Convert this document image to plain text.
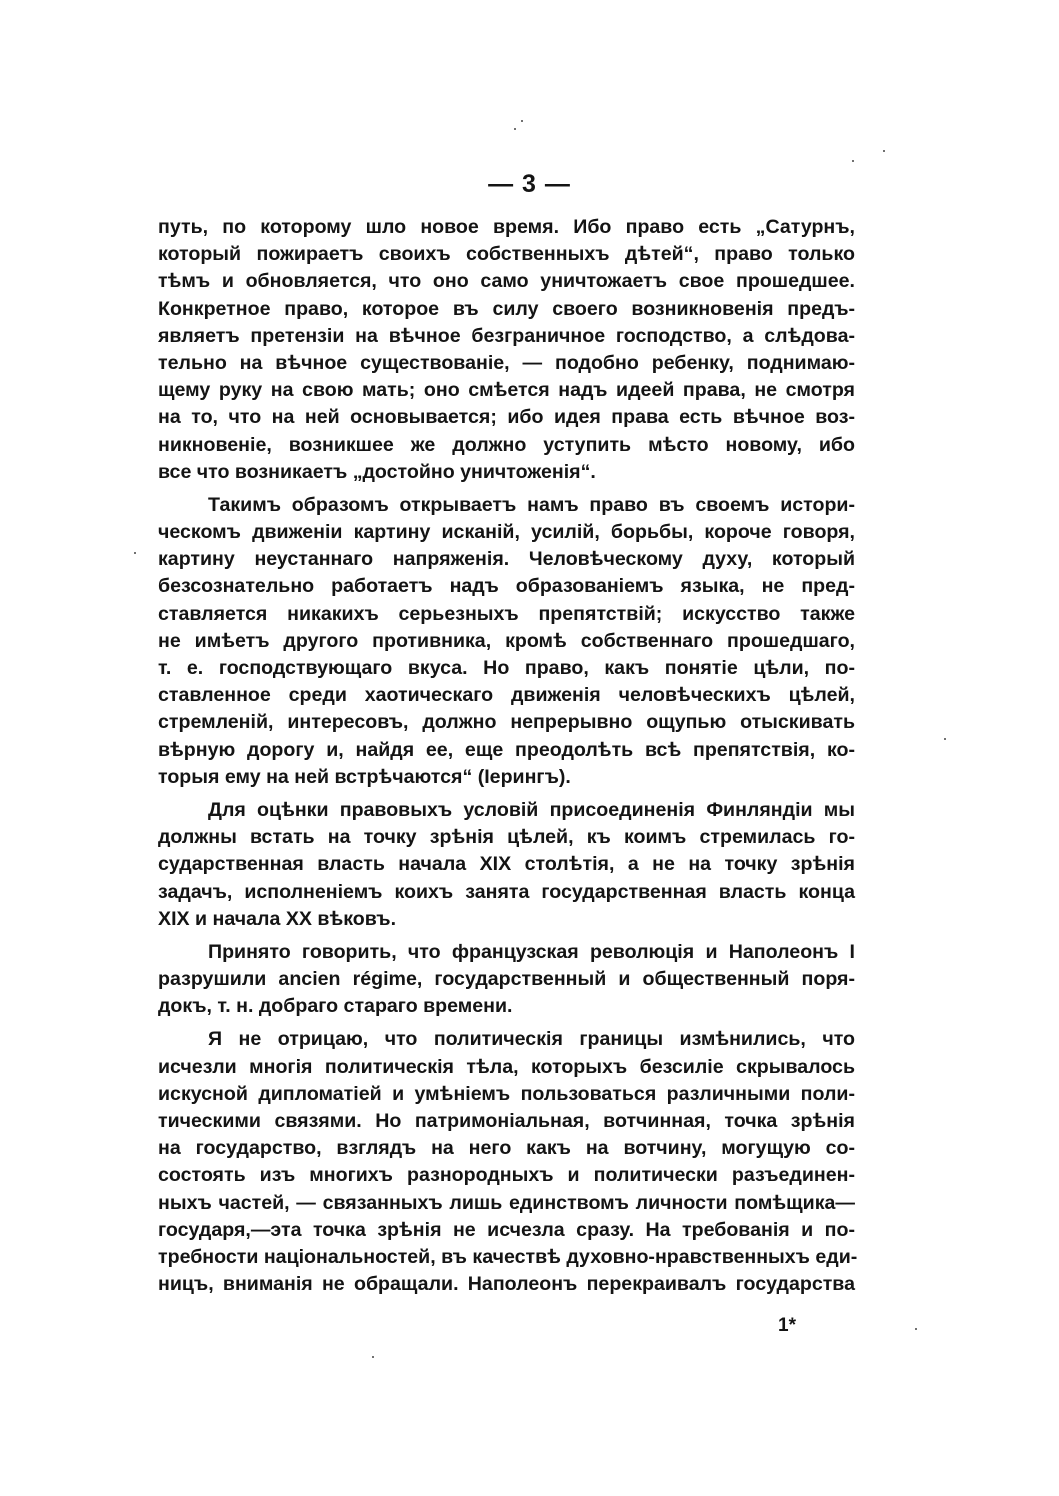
— 3 —
путь, по которому шло новое время. Ибо право есть „Сатурнъ,
который пожираетъ своихъ собственныхъ дѣтей“, право только
тѣмъ и обновляется, что оно само уничтожаетъ свое прошедшее.
Конкретное право, которое въ силу своего возникновенія предъ-
являетъ претензіи на вѣчное безграничное господство, а слѣдова-
тельно на вѣчное существованіе, — подобно ребенку, поднимаю-
щему руку на свою мать; оно смѣется надъ идеей права, не смотря
на то, что на ней основывается; ибо идея права есть вѣчное воз-
никновеніе, возникшее же должно уступить мѣсто новому, ибо
все что возникаетъ „достойно уничтоженія“.
Такимъ образомъ открываетъ намъ право въ своемъ истори-
ческомъ движеніи картину исканій, усилій, борьбы, короче говоря,
картину неустаннаго напряженія. Человѣческому духу, который
безсознательно работаетъ надъ образованіемъ языка, не пред-
ставляется никакихъ серьезныхъ препятствій; искусство также
не имѣетъ другого противника, кромѣ собственнаго прошедшаго,
т. е. господствующаго вкуса. Но право, какъ понятіе цѣли, по-
ставленное среди хаотическаго движенія человѣческихъ цѣлей,
стремленій, интересовъ, должно непрерывно ощупью отыскивать
вѣрную дорогу и, найдя ее, еще преодолѣть всѣ препятствія, ко-
торыя ему на ней встрѣчаются“ (Іерингъ).
Для оцѣнки правовыхъ условій присоединенія Финляндіи мы
должны встать на точку зрѣнія цѣлей, къ коимъ стремилась го-
сударственная власть начала XIX столѣтія, а не на точку зрѣнія
задачъ, исполненіемъ коихъ занята государственная власть конца
XIX и начала XX вѣковъ.
Принято говорить, что французская революція и Наполеонъ I
разрушили ancien régime, государственный и общественный поря-
докъ, т. н. добраго стараго времени.
Я не отрицаю, что политическія границы измѣнились, что
исчезли многія политическія тѣла, которыхъ безсиліе скрывалось
искусной дипломатіей и умѣніемъ пользоваться различными поли-
тическими связями. Но патримоніальная, вотчинная, точка зрѣнія
на государство, взглядъ на него какъ на вотчину, могущую со-
состоять изъ многихъ разнородныхъ и политически разъединен-
ныхъ частей, — связанныхъ лишь единствомъ личности помѣщика—
государя,—эта точка зрѣнія не исчезла сразу. На требованія и по-
требности національностей, въ качествѣ духовно-нравственныхъ еди-
ницъ, вниманія не обращали. Наполеонъ перекраивалъ государства
1*
